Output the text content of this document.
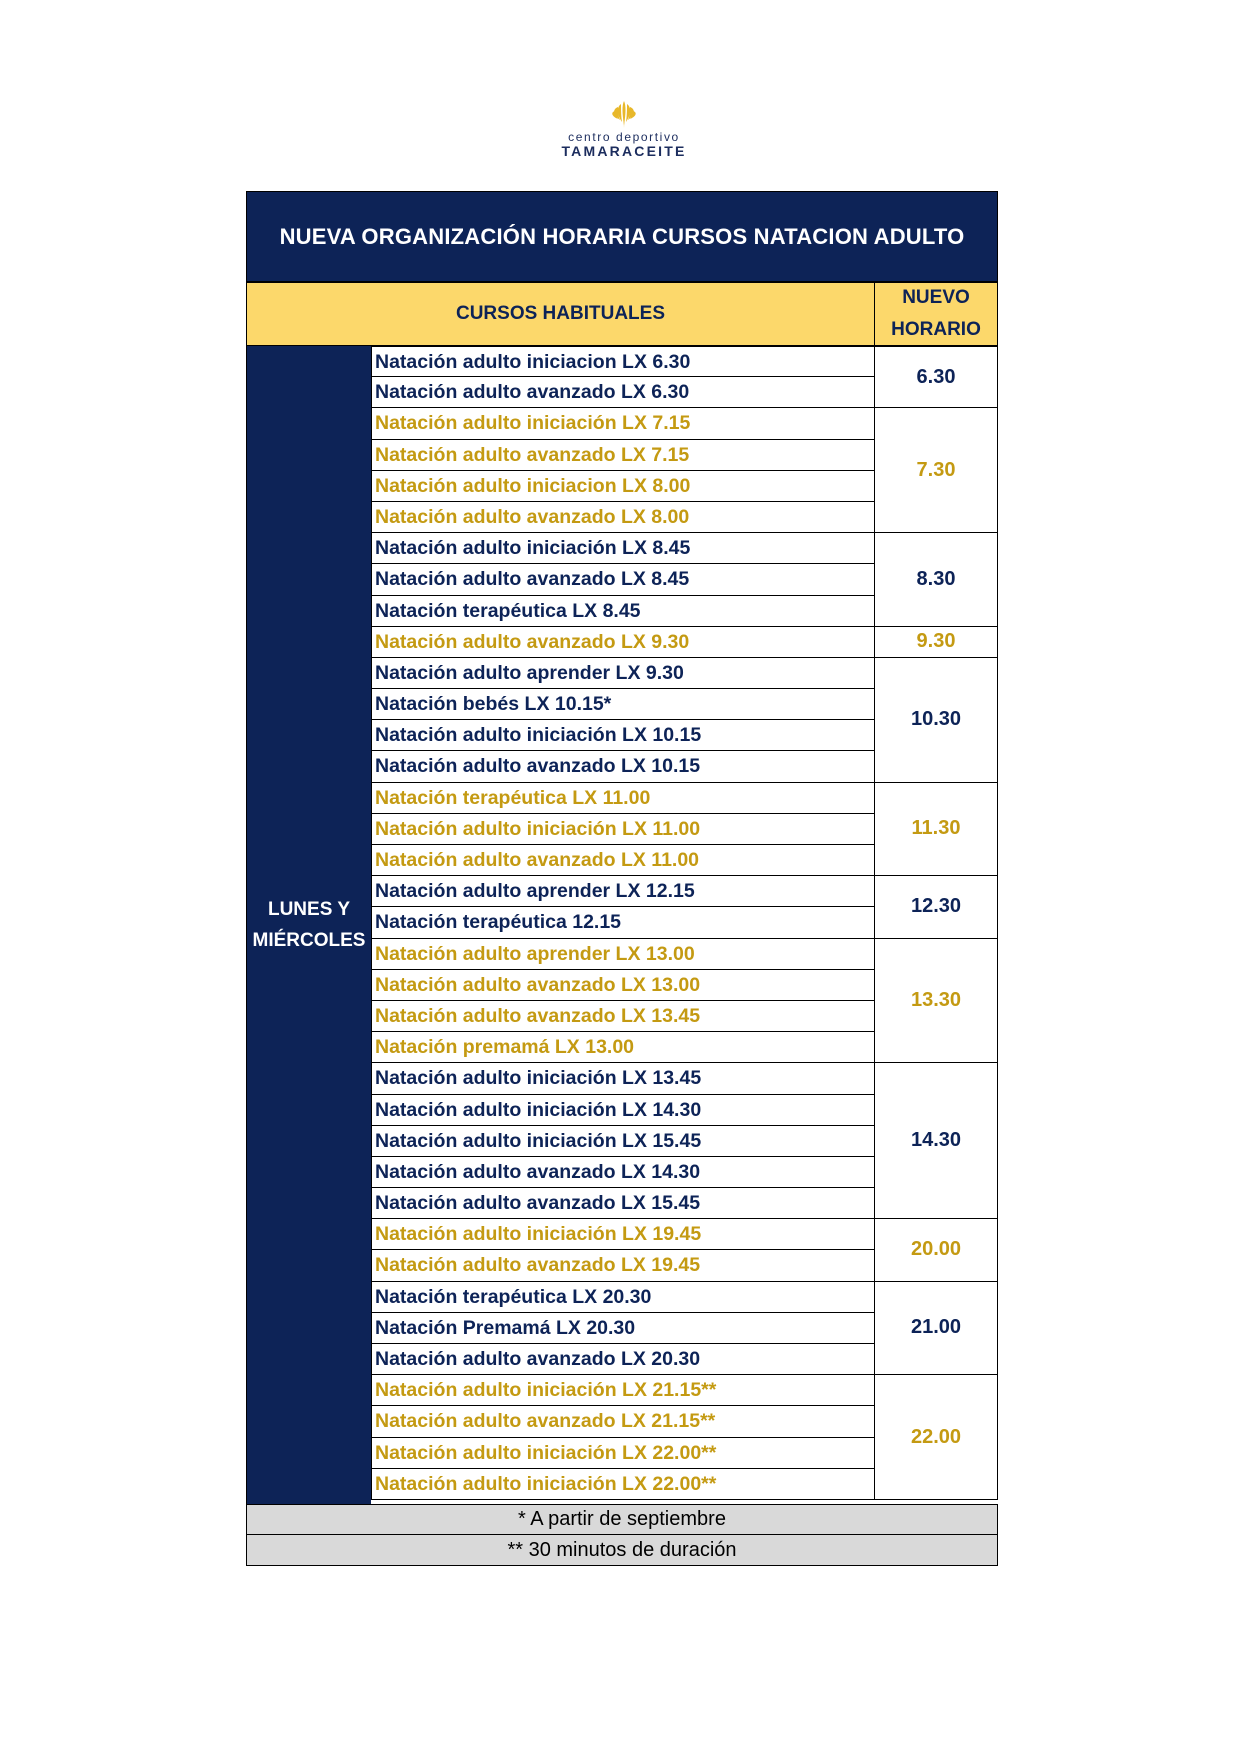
centro deportivo
TAMARACEITE
NUEVA ORGANIZACIÓN HORARIA CURSOS NATACION ADULTO
CURSOS HABITUALES
NUEVO
HORARIO
LUNES Y
MIÉRCOLES
Natación adulto iniciacion LX 6.30
Natación adulto avanzado LX 6.30
6.30
Natación adulto iniciación LX 7.15
Natación adulto avanzado LX 7.15
Natación adulto iniciacion LX 8.00
Natación adulto avanzado LX 8.00
7.30
Natación adulto iniciación LX 8.45
Natación adulto avanzado LX 8.45
Natación terapéutica LX 8.45
8.30
Natación adulto avanzado LX 9.30	9.30
Natación adulto aprender LX 9.30
Natación bebés LX 10.15*
Natación adulto iniciación LX 10.15
Natación adulto avanzado LX 10.15
10.30
Natación terapéutica LX 11.00
Natación adulto iniciación LX 11.00
Natación adulto avanzado LX 11.00
11.30
Natación adulto aprender LX 12.15
Natación terapéutica 12.15
12.30
Natación adulto aprender LX 13.00
Natación adulto avanzado LX 13.00
Natación adulto avanzado LX 13.45
Natación premamá LX 13.00
13.30
Natación adulto iniciación LX 13.45
Natación adulto iniciación LX 14.30
Natación adulto iniciación LX 15.45
Natación adulto avanzado LX 14.30
Natación adulto avanzado LX 15.45
14.30
Natación adulto iniciación LX 19.45
Natación adulto avanzado LX 19.45
20.00
Natación terapéutica LX 20.30
Natación Premamá LX 20.30
Natación adulto avanzado LX 20.30
21.00
Natación adulto iniciación LX 21.15**
Natación adulto avanzado LX 21.15**
Natación adulto iniciación LX 22.00**
Natación adulto iniciación LX 22.00**
22.00
* A partir de septiembre
** 30 minutos de duración
